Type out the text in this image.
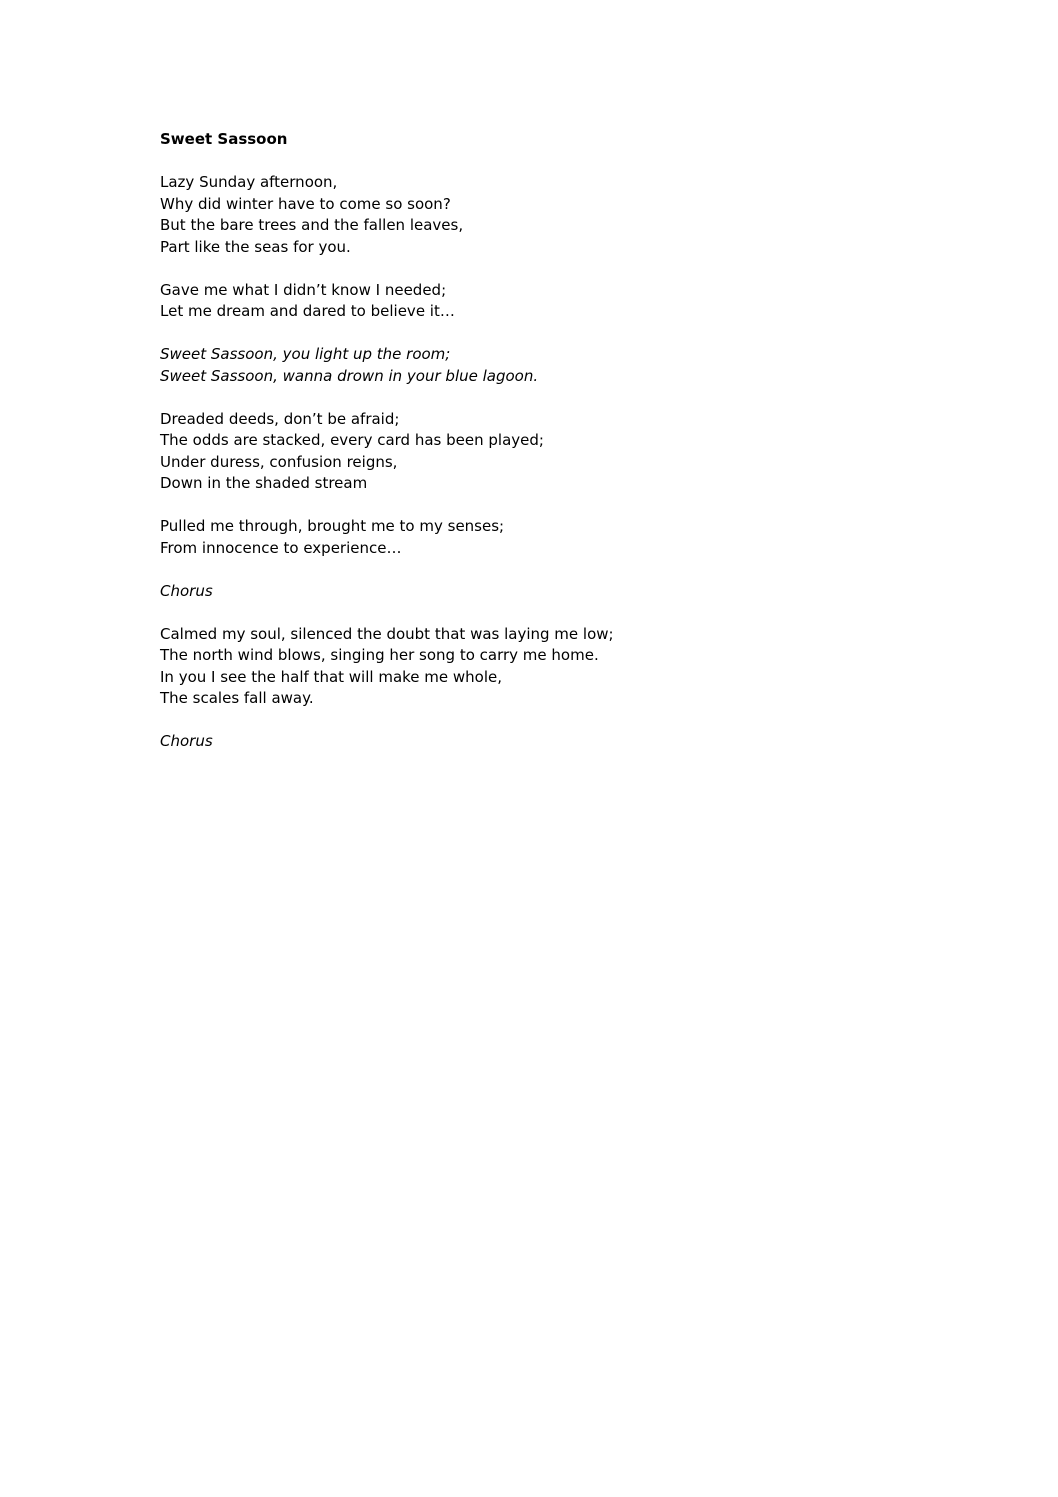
Sweet Sassoon
Lazy Sunday afternoon,
Why did winter have to come so soon?
But the bare trees and the fallen leaves,
Part like the seas for you.
Gave me what I didn’t know I needed;
Let me dream and dared to believe it…
Sweet Sassoon, you light up the room;
Sweet Sassoon, wanna drown in your blue lagoon.
Dreaded deeds, don’t be afraid;
The odds are stacked, every card has been played;
Under duress, confusion reigns,
Down in the shaded stream
Pulled me through, brought me to my senses;
From innocence to experience…
Chorus
Calmed my soul, silenced the doubt that was laying me low;
The north wind blows, singing her song to carry me home.
In you I see the half that will make me whole,
The scales fall away.
Chorus
